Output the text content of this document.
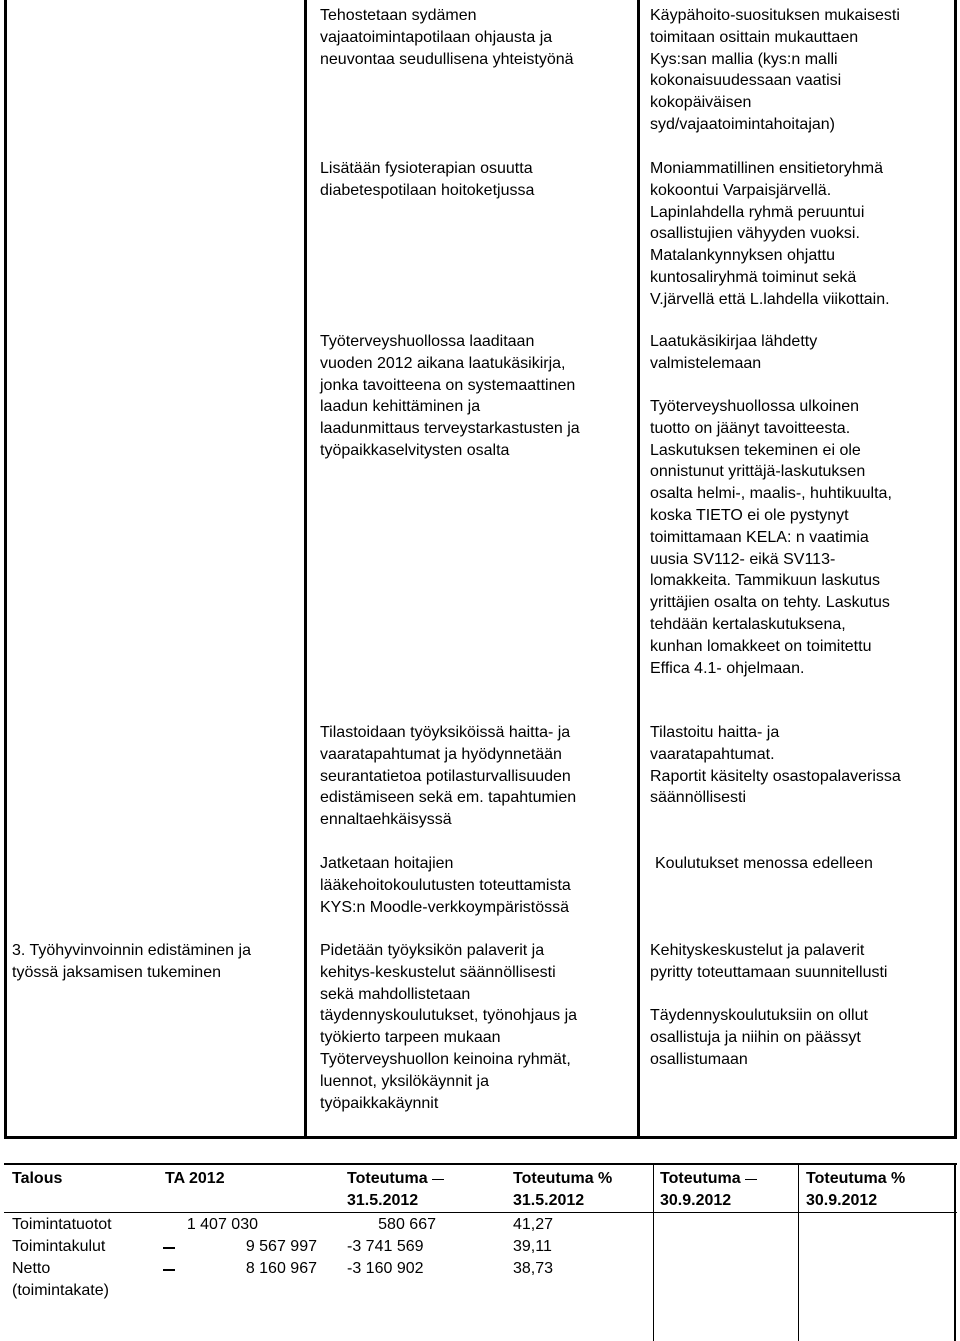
Tehostetaan sydämen
vajaatoimintapotilaan ohjausta ja
neuvontaa seudullisena yhteistyönä
Käypähoito-suosituksen mukaisesti
toimitaan osittain mukauttaen
Kys:san mallia (kys:n malli
kokonaisuudessaan vaatisi
kokopäiväisen
syd/vajaatoimintahoitajan)
Lisätään fysioterapian osuutta
diabetespotilaan hoitoketjussa
Moniammatillinen ensitietoryhmä
kokoontui Varpaisjärvellä.
Lapinlahdella ryhmä peruuntui
osallistujien vähyyden vuoksi.
Matalankynnyksen ohjattu
kuntosaliryhmä toiminut sekä
V.järvellä että L.lahdella viikottain.
Työterveyshuollossa laaditaan
vuoden 2012 aikana laatukäsikirja,
jonka tavoitteena on systemaattinen
laadun kehittäminen ja
laadunmittaus terveystarkastusten ja
työpaikkaselvitysten osalta
Laatukäsikirjaa lähdetty
valmistelemaan
Työterveyshuollossa ulkoinen
tuotto on jäänyt tavoitteesta.
Laskutuksen tekeminen ei ole
onnistunut yrittäjä-laskutuksen
osalta helmi-, maalis-, huhtikuulta,
koska TIETO ei ole pystynyt
toimittamaan KELA: n vaatimia
uusia SV112- eikä SV113-
lomakkeita. Tammikuun laskutus
yrittäjien osalta on tehty. Laskutus
tehdään kertalaskutuksena,
kunhan lomakkeet on toimitettu
Effica 4.1- ohjelmaan.
Tilastoidaan työyksiköissä haitta- ja
vaaratapahtumat ja hyödynnetään
seurantatietoa potilasturvallisuuden
edistämiseen sekä em. tapahtumien
ennaltaehkäisyssä
Tilastoitu haitta- ja
vaaratapahtumat.
Raportit käsitelty osastopalaverissa
säännöllisesti
Jatketaan hoitajien
lääkehoitokoulutusten toteuttamista
KYS:n Moodle-verkkoympäristössä
Koulutukset menossa edelleen
3. Työhyvinvoinnin edistäminen ja
työssä jaksamisen tukeminen
Pidetään työyksikön palaverit ja
kehitys-keskustelut säännöllisesti
sekä mahdollistetaan
täydennyskoulutukset, työnohjaus ja
työkierto tarpeen mukaan
Työterveyshuollon keinoina ryhmät,
luennot, yksilökäynnit ja
työpaikkakäynnit
Kehityskeskustelut ja palaverit
pyritty toteuttamaan suunnitellusti
Täydennyskoulutuksiin on ollut
osallistuja ja niihin on päässyt
osallistumaan
Talous	TA 2012	Toteutuma
31.5.2012
Toteutuma %
31.5.2012
Toteutuma
30.9.2012
Toteutuma %
30.9.2012
Toimintatuotot
Toimintakulut
Netto
(toimintakate)
1 407 030
9 567 997
8 160 967
580 667
-3 741 569
-3 160 902
41,27
39,11
38,73
